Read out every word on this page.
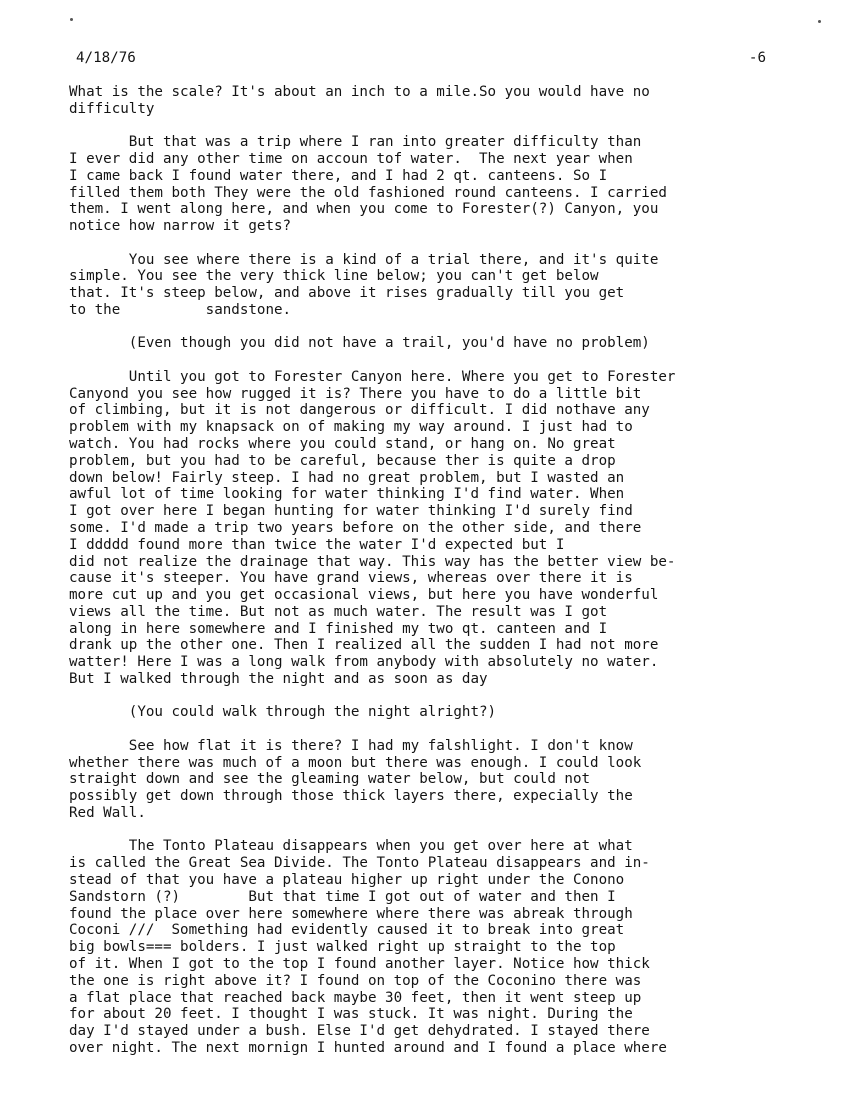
4/18/76	-6
What is the scale? It's about an inch to a mile.So you would have no
difficulty
But that was a trip where I ran into greater difficulty than
I ever did any other time on accoun tof water.  The next year when
I came back I found water there, and I had 2 qt. canteens. So I
filled them both They were the old fashioned round canteens. I carried
them. I went along here, and when you come to Forester(?) Canyon, you
notice how narrow it gets?
You see where there is a kind of a trial there, and it's quite
simple. You see the very thick line below; you can't get below
that. It's steep below, and above it rises gradually till you get
to the          sandstone.
(Even though you did not have a trail, you'd have no problem)
Until you got to Forester Canyon here. Where you get to Forester
Canyond you see how rugged it is? There you have to do a little bit
of climbing, but it is not dangerous or difficult. I did nothave any
problem with my knapsack on of making my way around. I just had to
watch. You had rocks where you could stand, or hang on. No great
problem, but you had to be careful, because ther is quite a drop
down below! Fairly steep. I had no great problem, but I wasted an
awful lot of time looking for water thinking I'd find water. When
I got over here I began hunting for water thinking I'd surely find
some. I'd made a trip two years before on the other side, and there
I ddddd found more than twice the water I'd expected but I
did not realize the drainage that way. This way has the better view be-
cause it's steeper. You have grand views, whereas over there it is
more cut up and you get occasional views, but here you have wonderful
views all the time. But not as much water. The result was I got
along in here somewhere and I finished my two qt. canteen and I
drank up the other one. Then I realized all the sudden I had not more
watter! Here I was a long walk from anybody with absolutely no water.
But I walked through the night and as soon as day
(You could walk through the night alright?)
See how flat it is there? I had my falshlight. I don't know
whether there was much of a moon but there was enough. I could look
straight down and see the gleaming water below, but could not
possibly get down through those thick layers there, expecially the
Red Wall.
The Tonto Plateau disappears when you get over here at what
is called the Great Sea Divide. The Tonto Plateau disappears and in-
stead of that you have a plateau higher up right under the Conono
Sandstorn (?)        But that time I got out of water and then I
found the place over here somewhere where there was abreak through
Coconi ///  Something had evidently caused it to break into great
big bowls=== bolders. I just walked right up straight to the top
of it. When I got to the top I found another layer. Notice how thick
the one is right above it? I found on top of the Coconino there was
a flat place that reached back maybe 30 feet, then it went steep up
for about 20 feet. I thought I was stuck. It was night. During the
day I'd stayed under a bush. Else I'd get dehydrated. I stayed there
over night. The next mornign I hunted around and I found a place where
